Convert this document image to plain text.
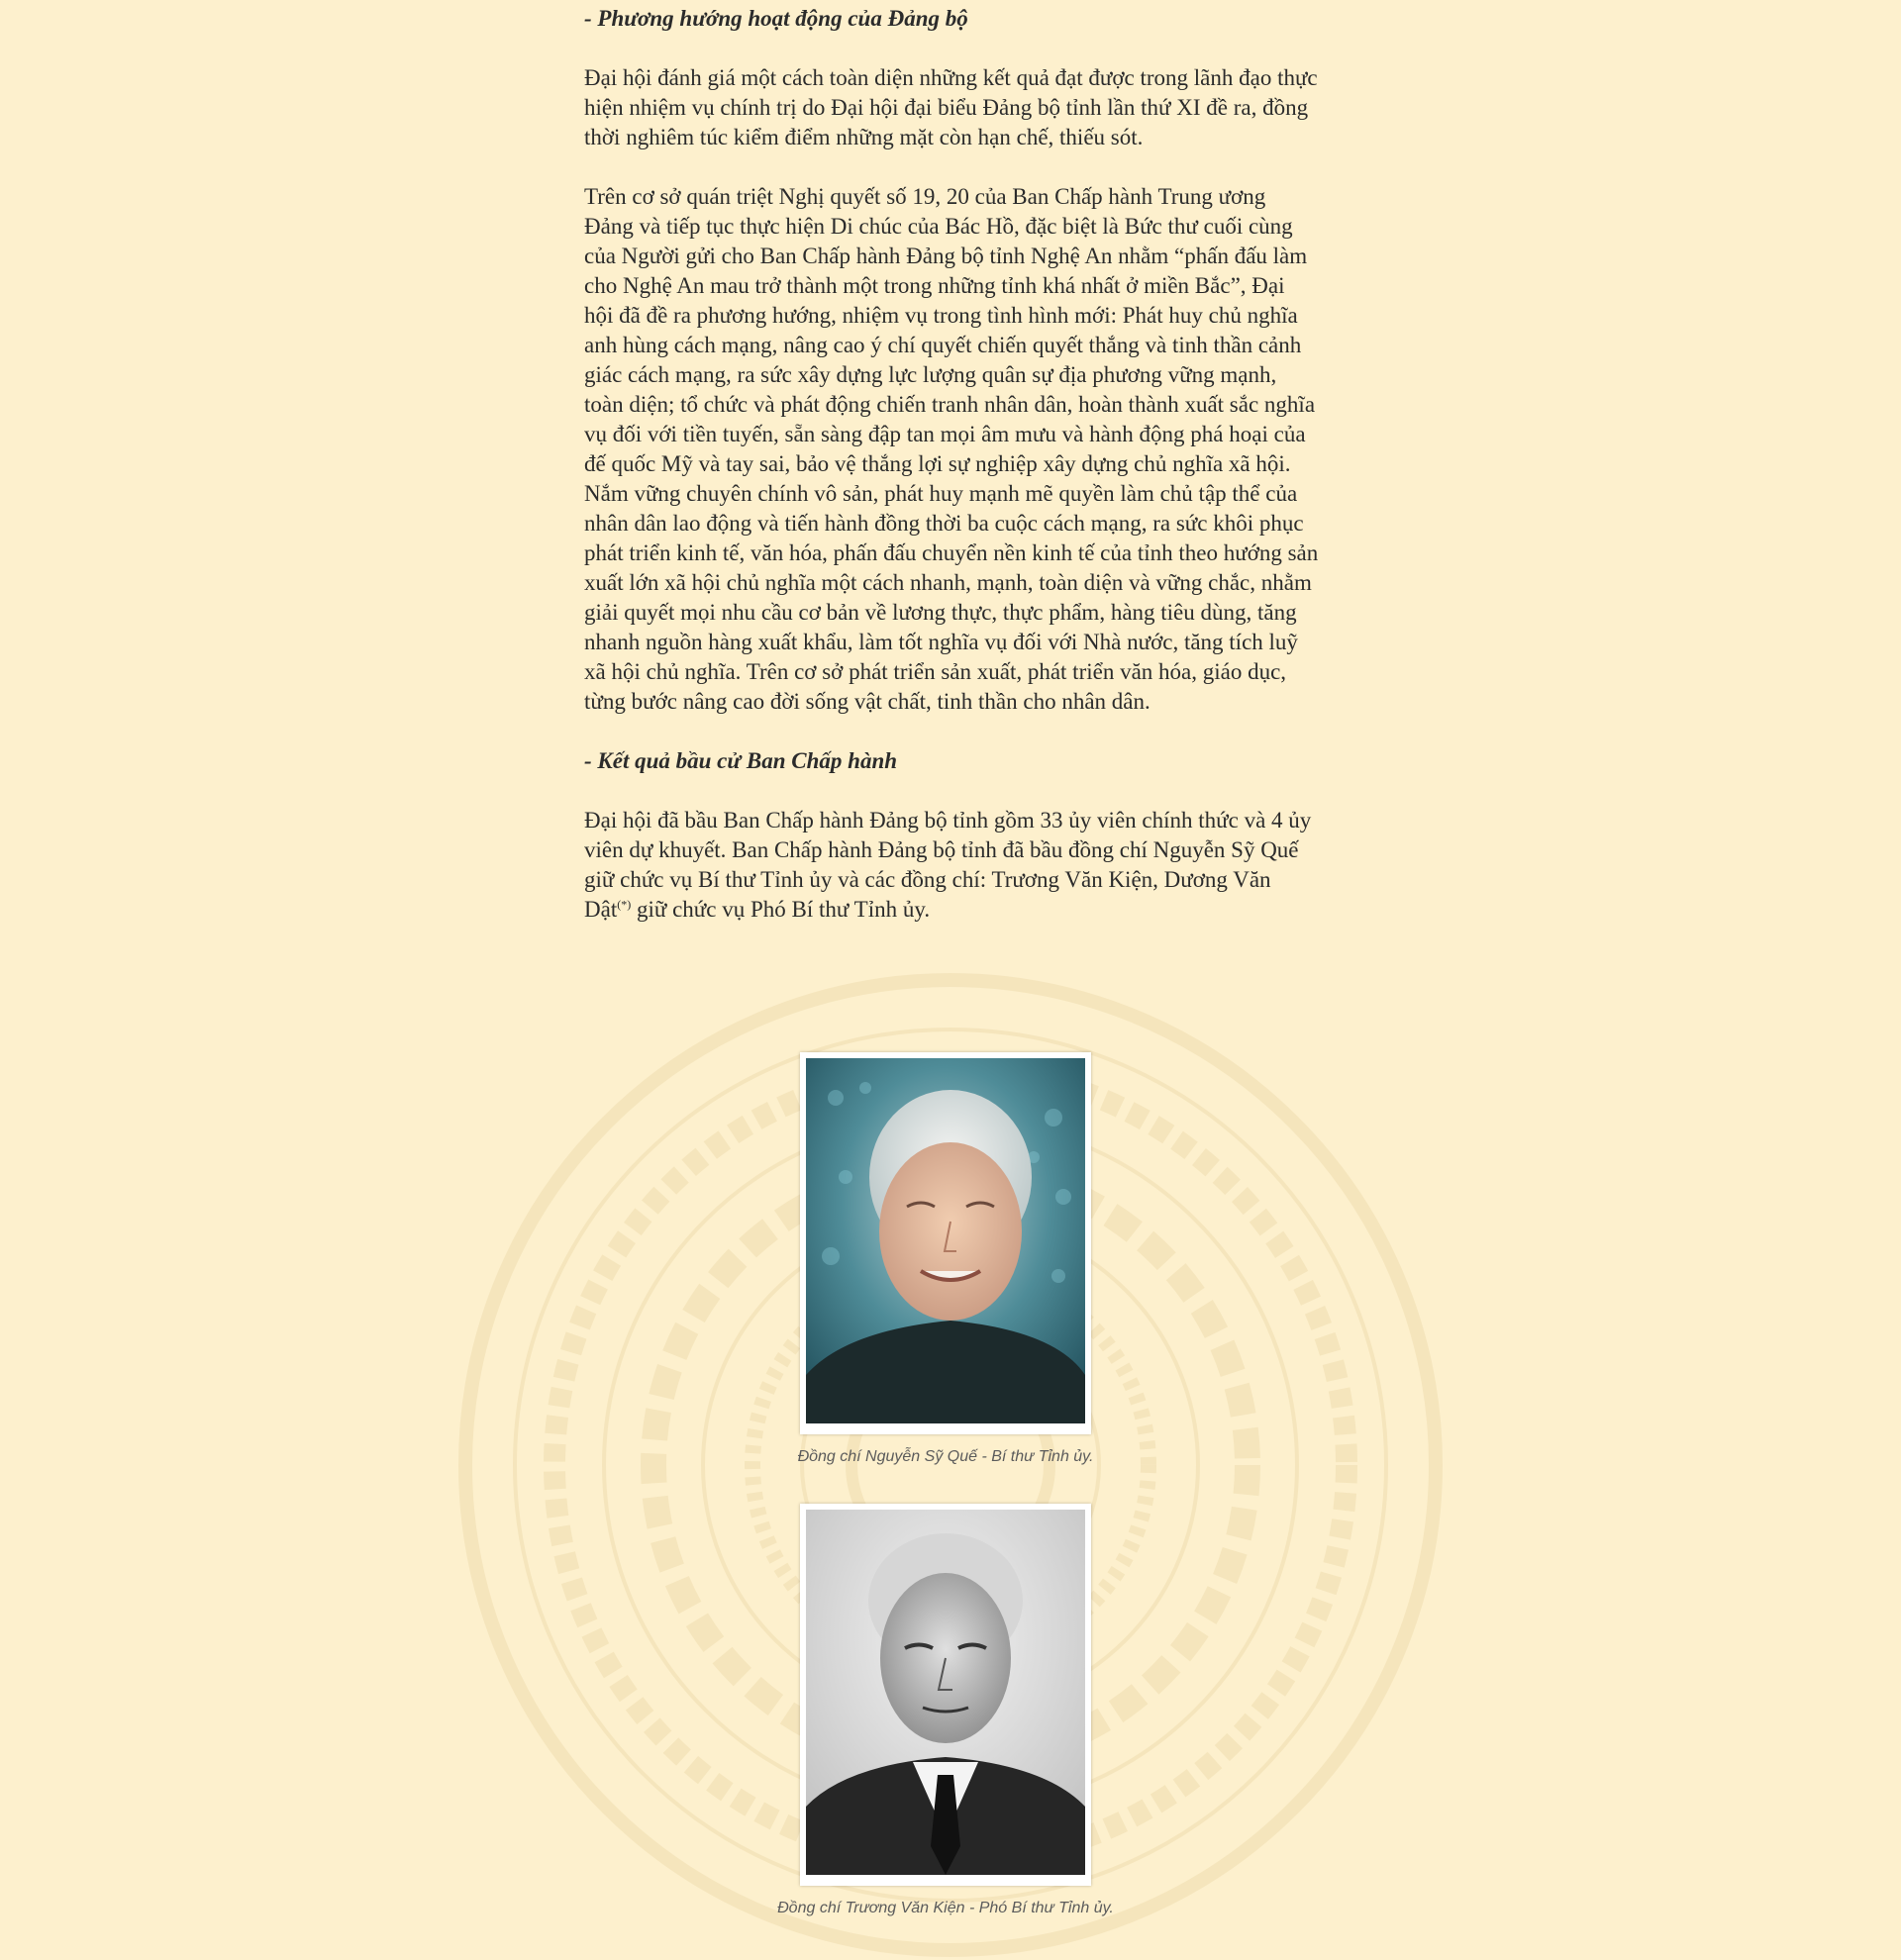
- Phương hướng hoạt động của Đảng bộ

Đại hội đánh giá một cách toàn diện những kết quả đạt được trong lãnh đạo thực hiện nhiệm vụ chính trị do Đại hội đại biểu Đảng bộ tỉnh lần thứ XI đề ra, đồng thời nghiêm túc kiểm điểm những mặt còn hạn chế, thiếu sót.

Trên cơ sở quán triệt Nghị quyết số 19, 20 của Ban Chấp hành Trung ương Đảng và tiếp tục thực hiện Di chúc của Bác Hồ, đặc biệt là Bức thư cuối cùng của Người gửi cho Ban Chấp hành Đảng bộ tỉnh Nghệ An nhằm “phấn đấu làm cho Nghệ An mau trở thành một trong những tỉnh khá nhất ở miền Bắc”, Đại hội đã đề ra phương hướng, nhiệm vụ trong tình hình mới: Phát huy chủ nghĩa anh hùng cách mạng, nâng cao ý chí quyết chiến quyết thắng và tinh thần cảnh giác cách mạng, ra sức xây dựng lực lượng quân sự địa phương vững mạnh, toàn diện; tổ chức và phát động chiến tranh nhân dân, hoàn thành xuất sắc nghĩa vụ đối với tiền tuyến, sẵn sàng đập tan mọi âm mưu và hành động phá hoại của đế quốc Mỹ và tay sai, bảo vệ thắng lợi sự nghiệp xây dựng chủ nghĩa xã hội. Nắm vững chuyên chính vô sản, phát huy mạnh mẽ quyền làm chủ tập thể của nhân dân lao động và tiến hành đồng thời ba cuộc cách mạng, ra sức khôi phục phát triển kinh tế, văn hóa, phấn đấu chuyển nền kinh tế của tỉnh theo hướng sản xuất lớn xã hội chủ nghĩa một cách nhanh, mạnh, toàn diện và vững chắc, nhằm giải quyết mọi nhu cầu cơ bản về lương thực, thực phẩm, hàng tiêu dùng, tăng nhanh nguồn hàng xuất khẩu, làm tốt nghĩa vụ đối với Nhà nước, tăng tích luỹ xã hội chủ nghĩa. Trên cơ sở phát triển sản xuất, phát triển văn hóa, giáo dục, từng bước nâng cao đời sống vật chất, tinh thần cho nhân dân.

- Kết quả bầu cử Ban Chấp hành

Đại hội đã bầu Ban Chấp hành Đảng bộ tỉnh gồm 33 ủy viên chính thức và 4 ủy viên dự khuyết. Ban Chấp hành Đảng bộ tỉnh đã bầu đồng chí Nguyễn Sỹ Quế giữ chức vụ Bí thư Tỉnh ủy và các đồng chí: Trương Văn Kiện, Dương Văn Dật(*) giữ chức vụ Phó Bí thư Tỉnh ủy.

Đồng chí Nguyễn Sỹ Quế - Bí thư Tỉnh ủy.
Đồng chí Trương Văn Kiện - Phó Bí thư Tỉnh ủy.
